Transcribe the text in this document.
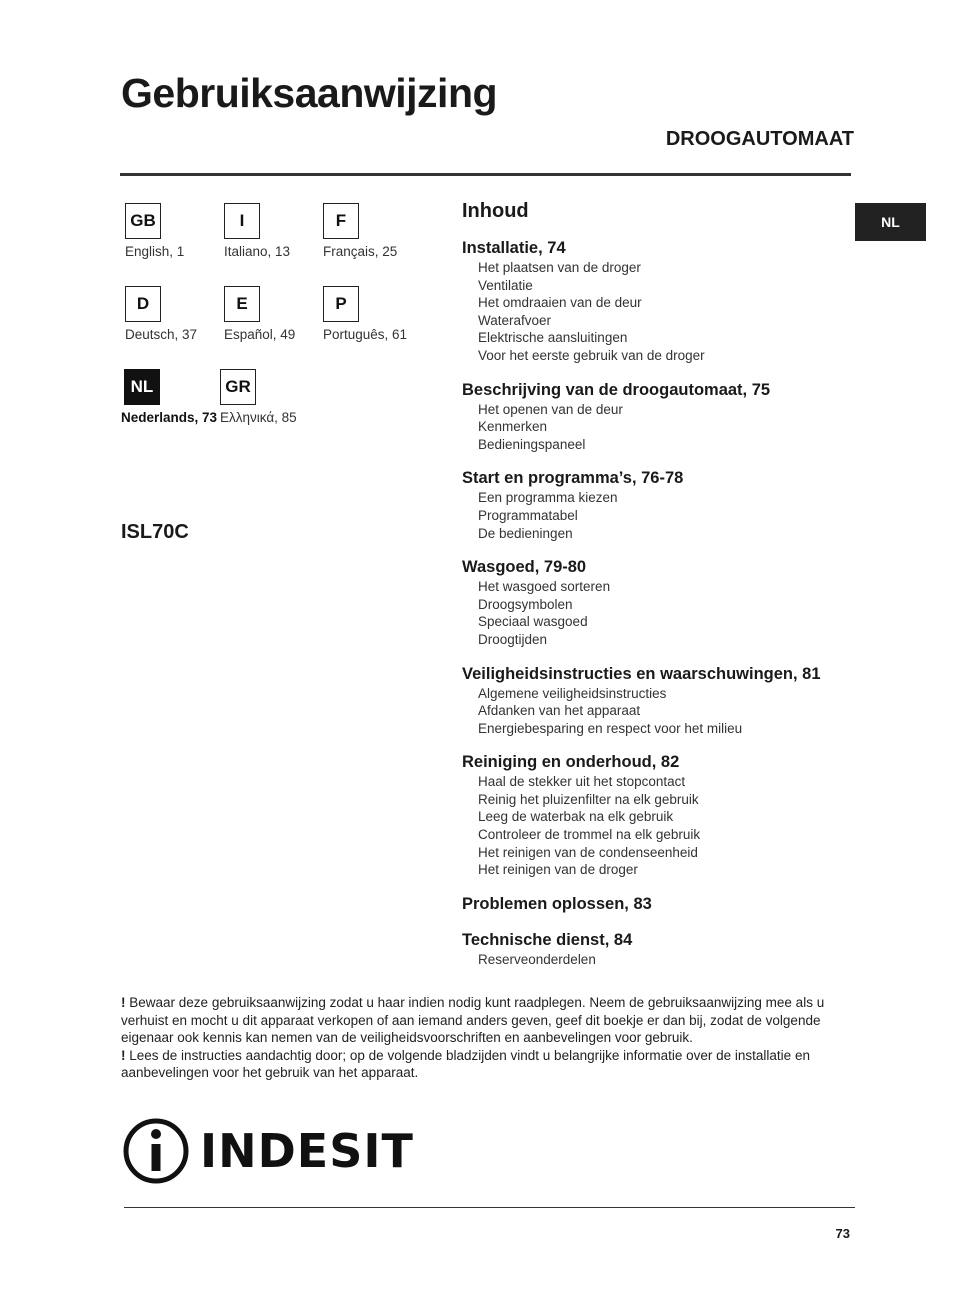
Gebruiksaanwijzing
DROOGAUTOMAAT
NL
GB
English, 1
I
Italiano, 13
F
Français, 25
D
Deutsch, 37
E
Español, 49
P
Português, 61
NL
Nederlands, 73
GR
Ελληνικά, 85
ISL70C
Inhoud
Installatie, 74
Het plaatsen van de droger
Ventilatie
Het omdraaien van de deur
Waterafvoer
Elektrische aansluitingen
Voor het eerste gebruik van de droger
Beschrijving van de droogautomaat, 75
Het openen van de deur
Kenmerken
Bedieningspaneel
Start en programma’s, 76-78
Een programma kiezen
Programmatabel
De bedieningen
Wasgoed, 79-80
Het wasgoed sorteren
Droogsymbolen
Speciaal wasgoed
Droogtijden
Veiligheidsinstructies en waarschuwingen, 81
Algemene veiligheidsinstructies
Afdanken van het apparaat
Energiebesparing en respect voor het milieu
Reiniging en onderhoud, 82
Haal de stekker uit het stopcontact
Reinig het pluizenfilter na elk gebruik
Leeg de waterbak na elk gebruik
Controleer de trommel na elk gebruik
Het reinigen van de condenseenheid
Het reinigen van de droger
Problemen oplossen, 83
Technische dienst, 84
Reserveonderdelen

! Bewaar deze gebruiksaanwijzing zodat u haar indien nodig kunt raadplegen. Neem de gebruiksaanwijzing mee als u verhuist en mocht u dit apparaat verkopen of aan iemand anders geven, geef dit boekje er dan bij, zodat de volgende eigenaar ook kennis kan nemen van de veiligheidsvoorschriften en aanbevelingen voor gebruik.

! Lees de instructies aandachtig door; op de volgende bladzijden vindt u belangrijke informatie over de installatie en aanbevelingen voor het gebruik van het apparaat.

INDESIT
73
